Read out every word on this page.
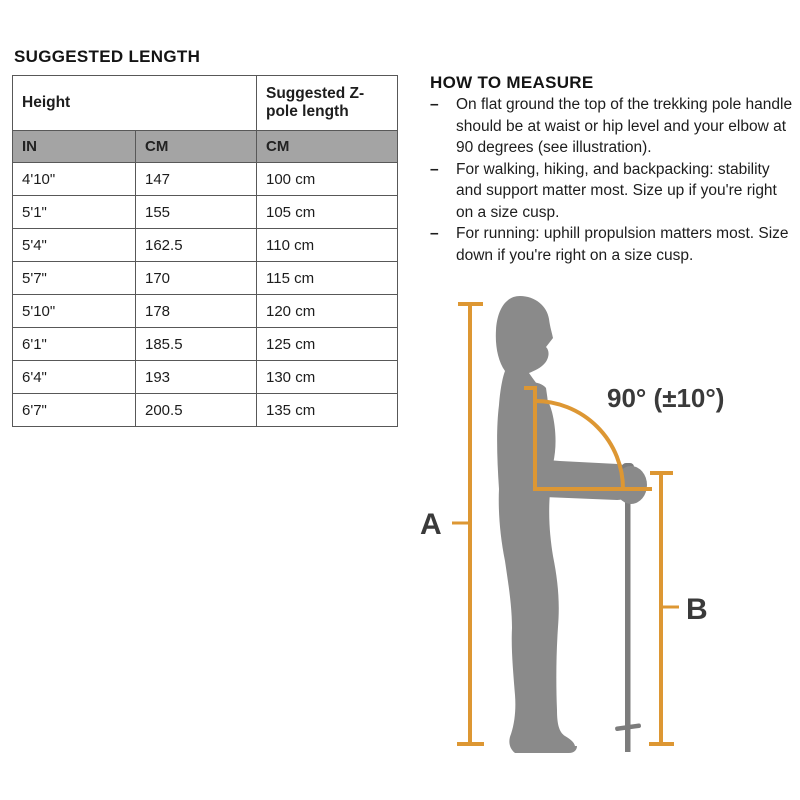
SUGGESTED LENGTH
Height		Suggested Z-pole length
IN	CM	CM
4'10"	147	100 cm
5'1"	155	105 cm
5'4"	162.5	110 cm
5'7"	170	115 cm
5'10"	178	120 cm
6'1"	185.5	125 cm
6'4"	193	130 cm
6'7"	200.5	135 cm
HOW TO MEASURE
–	On flat ground the top of the trekking pole handle should be at waist or hip level and your elbow at 90 degrees (see illustration).
–	For walking, hiking, and backpacking: stability and support matter most. Size up if you're right on a size cusp.
–	For running: uphill propulsion matters most. Size down if you're right on a size cusp.
A
90° (±10°)
B
